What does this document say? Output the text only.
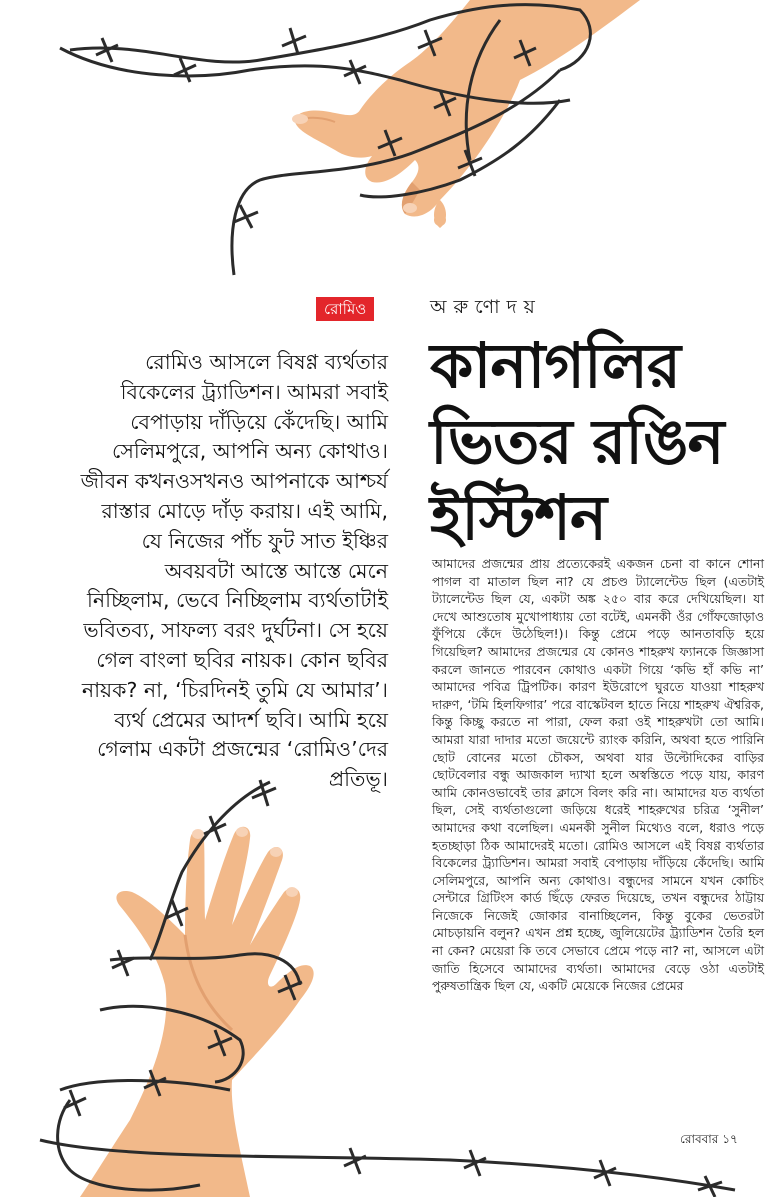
রোমিও	অরুণোদয়
কানাগলির ভিতর রঙিন ইস্টিশন

রোমিও আসলে বিষণ্ণ ব্যর্থতার বিকেলের ট্র্যাডিশন। আমরা সবাই বেপাড়ায় দাঁড়িয়ে কেঁদেছি। আমি সেলিমপুরে, আপনি অন্য কোথাও। জীবন কখনওসখনও আপনাকে আশ্চর্য রাস্তার মোড়ে দাঁড় করায়। এই আমি, যে নিজের পাঁচ ফুট সাত ইঞ্চির অবয়বটা আস্তে আস্তে মেনে নিচ্ছিলাম, ভেবে নিচ্ছিলাম ব্যর্থতাটাই ভবিতব্য, সাফল্য বরং দুর্ঘটনা। সে হয়ে গেল বাংলা ছবির নায়ক। কোন ছবির নায়ক? না, ‘চিরদিনই তুমি যে আমার’। ব্যর্থ প্রেমের আদর্শ ছবি। আমি হয়ে গেলাম একটা প্রজন্মের ‘রোমিও’দের প্রতিভূ।

আমাদের প্রজন্মের প্রায় প্রত্যেকেরই একজন চেনা বা কানে শোনা পাগল বা মাতাল ছিল না? যে প্রচণ্ড ট্যালেন্টেড ছিল (এতটাই ট্যালেন্টেড ছিল যে, একটা অঙ্ক ২৫০ বার করে দেখিয়েছিল। যা দেখে আশুতোষ মুখোপাধ্যায় তো বটেই, এমনকী ওঁর গোঁফজোড়াও ফুঁপিয়ে কেঁদে উঠেছিল!)। কিন্তু প্রেমে পড়ে আনতাবড়ি হয়ে গিয়েছিল? আমাদের প্রজন্মের যে কোনও শাহরুখ ফ্যানকে জিজ্ঞাসা করলে জানতে পারবেন কোথাও একটা গিয়ে ‘কভি হাঁ কভি না’ আমাদের পবিত্র ট্রিপটিক। কারণ ইউরোপে ঘুরতে যাওয়া শাহরুখ দারুণ, ‘টমি হিলফিগার’ পরে বাস্কেটবল হাতে নিয়ে শাহরুখ ঐশ্বরিক, কিন্তু কিচ্ছু করতে না পারা, ফেল করা ওই শাহরুখটা তো আমি। আমরা যারা দাদার মতো জয়েন্টে র‌্যাংক করিনি, অথবা হতে পারিনি ছোট বোনের মতো চৌকস, অথবা যার উল্টোদিকের বাড়ির ছোটবেলার বন্ধু আজকাল দ্যাখা হলে অস্বস্তিতে পড়ে যায়, কারণ আমি কোনওভাবেই তার ক্লাসে বিলং করি না। আমাদের যত ব্যর্থতা ছিল, সেই ব্যর্থতাগুলো জড়িয়ে ধরেই শাহরুখের চরিত্র ‘সুনীল’ আমাদের কথা বলেছিল। এমনকী সুনীল মিথ্যেও বলে, ধরাও পড়ে হতচ্ছাড়া ঠিক আমাদেরই মতো। রোমিও আসলে এই বিষণ্ণ ব্যর্থতার বিকেলের ট্র্যাডিশন। আমরা সবাই বেপাড়ায় দাঁড়িয়ে কেঁদেছি। আমি সেলিমপুরে, আপনি অন্য কোথাও। বন্ধুদের সামনে যখন কোচিং সেন্টারে গ্রিটিংস কার্ড ছিঁড়ে ফেরত দিয়েছে, তখন বন্ধুদের ঠাট্টায় নিজেকে নিজেই জোকার বানাচ্ছিলেন, কিন্তু বুকের ভেতরটা মোচড়ায়নি বলুন? এখন প্রশ্ন হচ্ছে, জুলিয়েটের ট্র্যাডিশন তৈরি হল না কেন? মেয়েরা কি তবে সেভাবে প্রেমে পড়ে না? না, আসলে এটা জাতি হিসেবে আমাদের ব্যর্থতা। আমাদের বেড়ে ওঠা এতটাই পুরুষতান্ত্রিক ছিল যে, একটি মেয়েকে নিজের প্রেমের

রোববার ১৭
